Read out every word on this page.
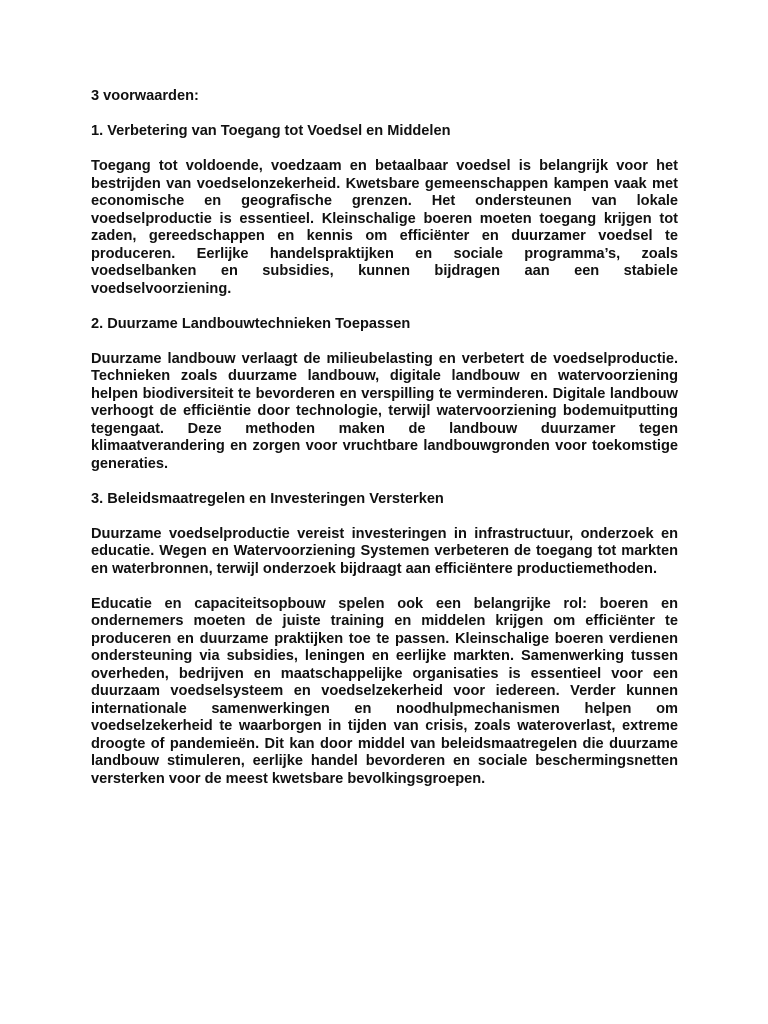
3 voorwaarden:
1. Verbetering van Toegang tot Voedsel en Middelen

Toegang tot voldoende, voedzaam en betaalbaar voedsel is belangrijk voor het bestrijden van voedselonzekerheid. Kwetsbare gemeenschappen kampen vaak met economische en geografische grenzen. Het ondersteunen van lokale voedselproductie is essentieel. Kleinschalige boeren moeten toegang krijgen tot zaden, gereedschappen en kennis om efficiënter en duurzamer voedsel te produceren. Eerlijke handelspraktijken en sociale programma’s, zoals voedselbanken en subsidies, kunnen bijdragen aan een stabiele voedselvoorziening.

2. Duurzame Landbouwtechnieken Toepassen

Duurzame landbouw verlaagt de milieubelasting en verbetert de voedselproductie. Technieken zoals duurzame landbouw, digitale landbouw en watervoorziening helpen biodiversiteit te bevorderen en verspilling te verminderen. Digitale landbouw verhoogt de efficiëntie door technologie, terwijl watervoorziening bodemuitputting tegengaat. Deze methoden maken de landbouw duurzamer tegen klimaatverandering en zorgen voor vruchtbare landbouwgronden voor toekomstige generaties.

3. Beleidsmaatregelen en Investeringen Versterken

Duurzame voedselproductie vereist investeringen in infrastructuur, onderzoek en educatie. Wegen en Watervoorziening Systemen verbeteren de toegang tot markten en waterbronnen, terwijl onderzoek bijdraagt aan efficiëntere productiemethoden.

Educatie en capaciteitsopbouw spelen ook een belangrijke rol: boeren en ondernemers moeten de juiste training en middelen krijgen om efficiënter te produceren en duurzame praktijken toe te passen. Kleinschalige boeren verdienen ondersteuning via subsidies, leningen en eerlijke markten. Samenwerking tussen overheden, bedrijven en maatschappelijke organisaties is essentieel voor een duurzaam voedselsysteem en voedselzekerheid voor iedereen. Verder kunnen internationale samenwerkingen en noodhulpmechanismen helpen om voedselzekerheid te waarborgen in tijden van crisis, zoals wateroverlast, extreme droogte of pandemieën. Dit kan door middel van beleidsmaatregelen die duurzame landbouw stimuleren, eerlijke handel bevorderen en sociale beschermingsnetten versterken voor de meest kwetsbare bevolkingsgroepen.
